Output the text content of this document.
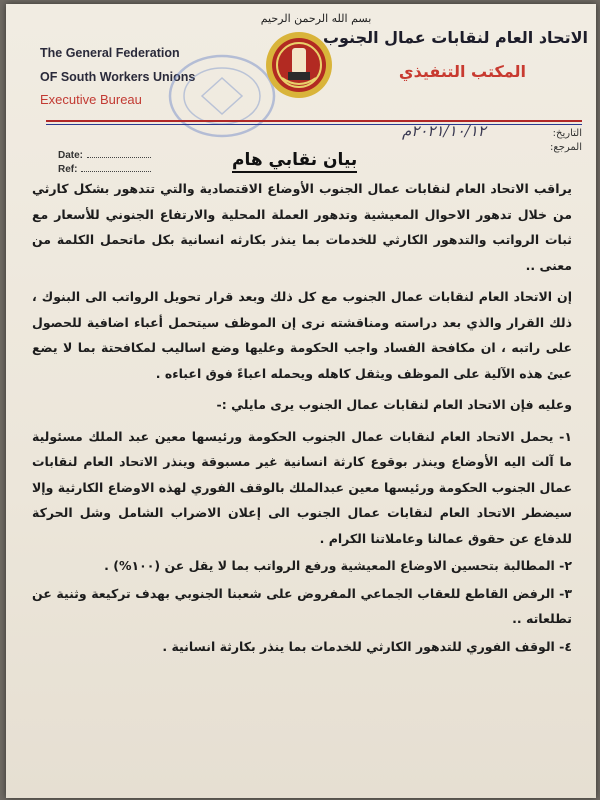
بسم الله الرحمن الرحيم
The General Federation
OF South Workers Unions
Executive Bureau
الاتحاد العام لنقابات عمال الجنوب
المكتب التنفيذي
Date:
Ref:
التاريخ:
المرجع:
٢٠٢١/١٠/١٢م
بيان نقابي هام

يراقب الاتحاد العام لنقابات عمال الجنوب الأوضاع الاقتصادية والتي تتدهور بشكل كارثي من خلال تدهور الاحوال المعيشية وتدهور العملة المحلية والارتفاع الجنوني للأسعار مع ثبات الرواتب والتدهور الكارثي للخدمات بما ينذر بكارثه انسانية بكل ماتحمل الكلمة من معنى ..

إن الاتحاد العام لنقابات عمال الجنوب مع كل ذلك وبعد قرار تحويل الرواتب الى البنوك ، ذلك القرار والذي بعد دراسته ومناقشته نرى إن الموظف سيتحمل أعباء اضافية للحصول على راتبه ، ان مكافحة الفساد واجب الحكومة وعليها وضع اساليب لمكافحتة بما لا يضع عبئ هذه الآلية على الموظف ويثقل كاهله ويحمله اعباءً فوق اعباءه .

وعليه فإن الاتحاد العام لنقابات عمال الجنوب يرى مايلي :-

١- يحمل الاتحاد العام لنقابات عمال الجنوب الحكومة ورئيسها معين عبد الملك مسئولية ما آلت اليه الأوضاع وينذر بوقوع كارثة انسانية غير مسبوقة وينذر الاتحاد العام لنقابات عمال الجنوب الحكومة ورئيسها معين عبدالملك بالوقف الفوري لهذه الاوضاع الكارثية وإلا سيضطر الاتحاد العام لنقابات عمال الجنوب الى إعلان الاضراب الشامل وشل الحركة للدفاع عن حقوق عمالنا وعاملاتنا الكرام .
٢- المطالبة بتحسين الاوضاع المعيشية ورفع الرواتب بما لا يقل عن (١٠٠%) .
٣- الرفض القاطع للعقاب الجماعي المفروض على شعبنا الجنوبي بهدف تركيعة وثنية عن تطلعاته ..
٤- الوقف الفوري للتدهور الكارثي للخدمات بما ينذر بكارثة انسانية .
